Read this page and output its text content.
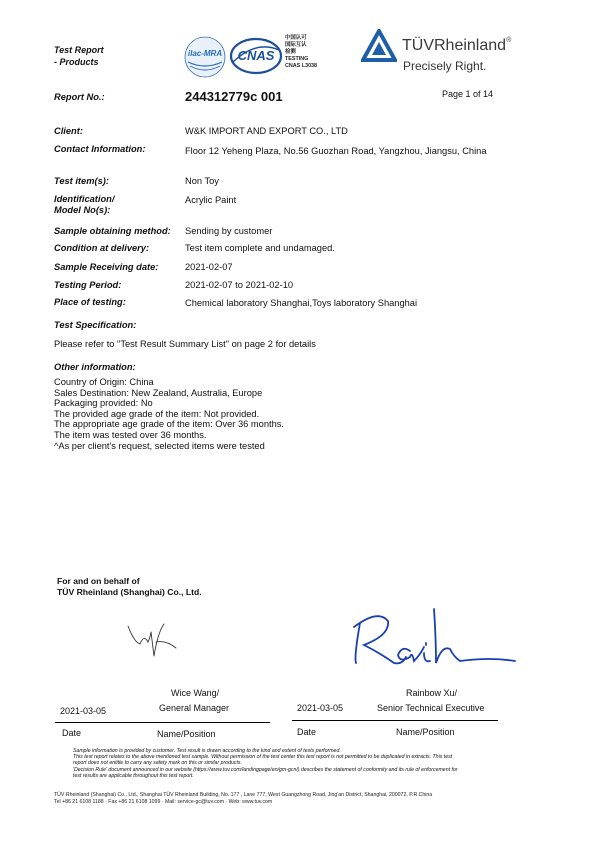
Test Report
- Products
ilac-MRA	CNAS
中国认可
国际互认
检测
TESTING
CNAS L3038
TÜVRheinland®
Precisely Right.
Report No.:	244312779c 001	Page 1 of 14
Client:	W&K IMPORT AND EXPORT CO., LTD
Contact Information:	Floor 12 Yeheng Plaza, No.56 Guozhan Road, Yangzhou, Jiangsu, China
Test item(s):	Non Toy
Identification/
Model No(s):
Acrylic Paint
Sample obtaining method: Sending by customer
Condition at delivery:	Test item complete and undamaged.
Sample Receiving date:	2021-02-07
Testing Period:	2021-02-07 to 2021-02-10
Place of testing:	Chemical laboratory Shanghai,Toys laboratory Shanghai
Test Specification:
Please refer to "Test Result Summary List" on page 2 for details
Other information:
Country of Origin: China
Sales Destination: New Zealand, Australia, Europe
Packaging provided: No
The provided age grade of the item: Not provided.
The appropriate age grade of the item: Over 36 months.
The item was tested over 36 months.
^As per client's request, selected items were tested
For and on behalf of
TÜV Rheinland (Shanghai) Co., Ltd.
Wice Wang/
General Manager
2021-03-05
Date	Name/Position
Rainbow Xu/
Senior Technical Executive
2021-03-05
Date	Name/Position
Sample information is provided by customer. Test result is drawn according to the kind and extent of tests performed.
This test report relates to the above mentioned test sample. Without permission of the test center this test report is not permitted to be duplicated in extracts. This test
report does not entitle to carry any safety mark on this or similar products.
'Decision Rule' document announced in our website (https://www.tuv.com/landingpage/en/gm-gcn/) describes the statement of conformity and its rule of enforcement for
test results are applicable throughout this test report.
TÜV Rheinland (Shanghai) Co., Ltd., Shanghai TÜV Rheinland Building, No. 177 , Lane 777, West Guangzhong Road, Jing'an District, Shanghai, 200072, P.R.China
Tel +86 21 6108 1188 · Fax +86 21 6108 1099 · Mail: service-gc@tuv.com · Web: www.tuv.com
